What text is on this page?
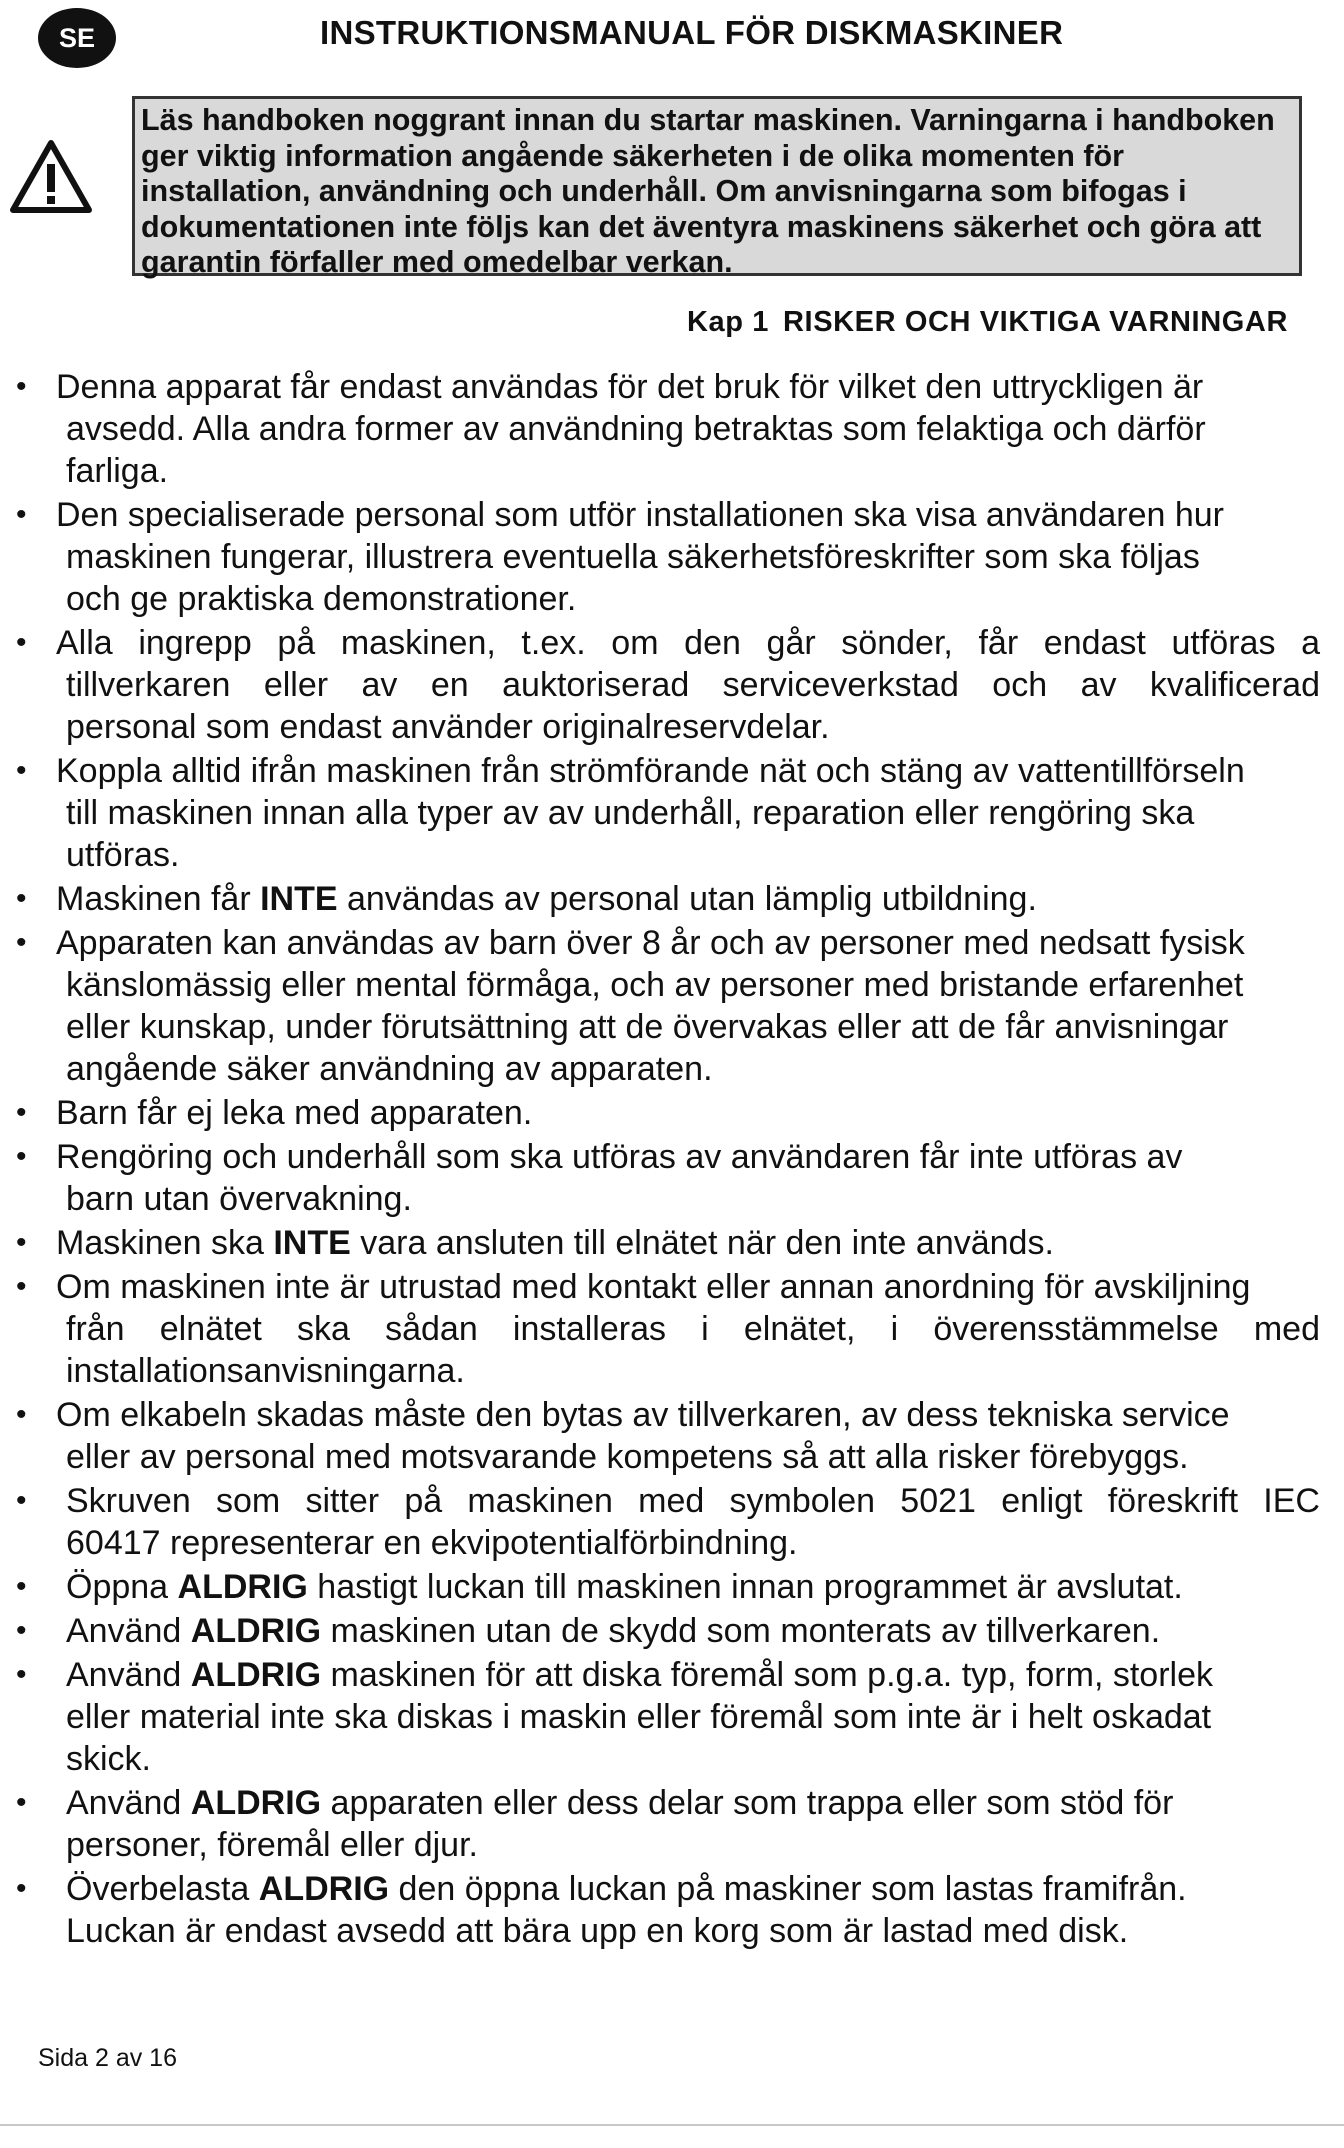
SE	INSTRUKTIONSMANUAL FÖR DISKMASKINER
Läs handboken noggrant innan du startar maskinen. Varningarna i handboken
ger viktig information angående säkerheten i de olika momenten för
installation, användning och underhåll. Om anvisningarna som bifogas i
dokumentationen inte följs kan det äventyra maskinens säkerhet och göra att
garantin förfaller med omedelbar verkan.
Kap 1 RISKER OCH VIKTIGA VARNINGAR
• Denna apparat får endast användas för det bruk för vilket den uttryckligen är
avsedd. Alla andra former av användning betraktas som felaktiga och därför
farliga.
• Den specialiserade personal som utför installationen ska visa användaren hur
maskinen fungerar, illustrera eventuella säkerhetsföreskrifter som ska följas
och ge praktiska demonstrationer.
• Alla ingrepp på maskinen, t.ex. om den går sönder, får endast utföras a
tillverkaren eller av en auktoriserad serviceverkstad och av kvalificerad
personal som endast använder originalreservdelar.
• Koppla alltid ifrån maskinen från strömförande nät och stäng av vattentillförseln
till maskinen innan alla typer av av underhåll, reparation eller rengöring ska
utföras.
• Maskinen får INTE användas av personal utan lämplig utbildning.
• Apparaten kan användas av barn över 8 år och av personer med nedsatt fysisk
känslomässig eller mental förmåga, och av personer med bristande erfarenhet
eller kunskap, under förutsättning att de övervakas eller att de får anvisningar
angående säker användning av apparaten.
• Barn får ej leka med apparaten.
• Rengöring och underhåll som ska utföras av användaren får inte utföras av
barn utan övervakning.
• Maskinen ska INTE vara ansluten till elnätet när den inte används.
• Om maskinen inte är utrustad med kontakt eller annan anordning för avskiljning
från elnätet ska sådan installeras i elnätet, i överensstämmelse med
installationsanvisningarna.
• Om elkabeln skadas måste den bytas av tillverkaren, av dess tekniska service
eller av personal med motsvarande kompetens så att alla risker förebyggs.
• Skruven som sitter på maskinen med symbolen 5021 enligt föreskrift IEC
60417 representerar en ekvipotentialförbindning.
• Öppna ALDRIG hastigt luckan till maskinen innan programmet är avslutat.
• Använd ALDRIG maskinen utan de skydd som monterats av tillverkaren.
• Använd ALDRIG maskinen för att diska föremål som p.g.a. typ, form, storlek
eller material inte ska diskas i maskin eller föremål som inte är i helt oskadat
skick.
• Använd ALDRIG apparaten eller dess delar som trappa eller som stöd för
personer, föremål eller djur.
• Överbelasta ALDRIG den öppna luckan på maskiner som lastas framifrån.
Luckan är endast avsedd att bära upp en korg som är lastad med disk.
Sida 2 av 16
